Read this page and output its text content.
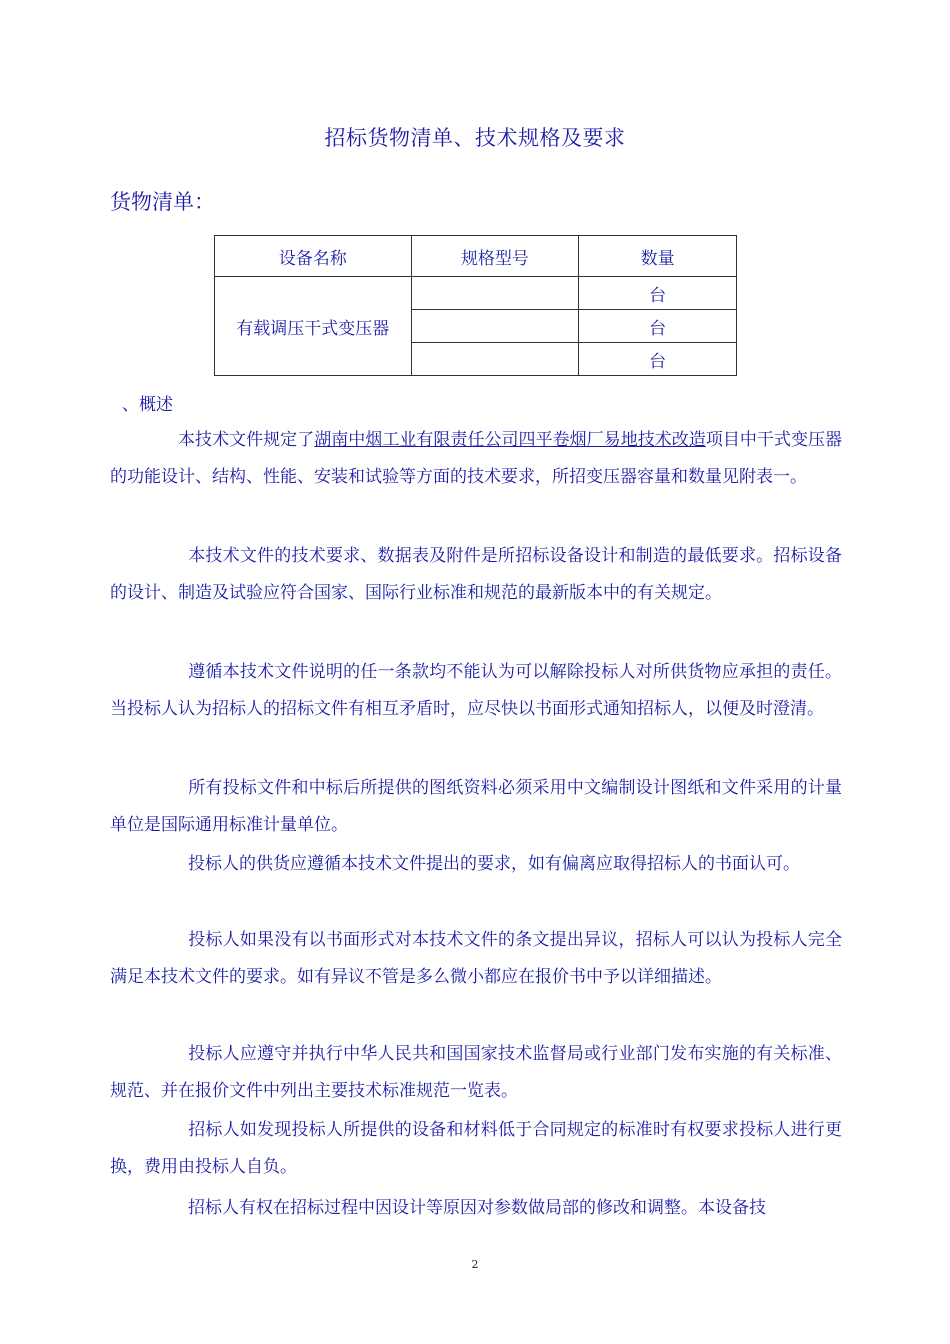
招标货物清单、技术规格及要求
货物清单：
设备名称	规格型号	数量
有载调压干式变压器		台
		台
		台
、概述
本技术文件规定了湖南中烟工业有限责任公司四平卷烟厂易地技术改造项目中干式变压器的功能设计、结构、性能、安装和试验等方面的技术要求，所招变压器容量和数量见附表一。
本技术文件的技术要求、数据表及附件是所招标设备设计和制造的最低要求。招标设备的设计、制造及试验应符合国家、国际行业标准和规范的最新版本中的有关规定。
遵循本技术文件说明的任一条款均不能认为可以解除投标人对所供货物应承担的责任。当投标人认为招标人的招标文件有相互矛盾时，应尽快以书面形式通知招标人，以便及时澄清。
所有投标文件和中标后所提供的图纸资料必须采用中文编制设计图纸和文件采用的计量单位是国际通用标准计量单位。
投标人的供货应遵循本技术文件提出的要求，如有偏离应取得招标人的书面认可。
投标人如果没有以书面形式对本技术文件的条文提出异议，招标人可以认为投标人完全满足本技术文件的要求。如有异议不管是多么微小都应在报价书中予以详细描述。
投标人应遵守并执行中华人民共和国国家技术监督局或行业部门发布实施的有关标准、规范、并在报价文件中列出主要技术标准规范一览表。
招标人如发现投标人所提供的设备和材料低于合同规定的标准时有权要求投标人进行更换，费用由投标人自负。
招标人有权在招标过程中因设计等原因对参数做局部的修改和调整。本设备技
2
